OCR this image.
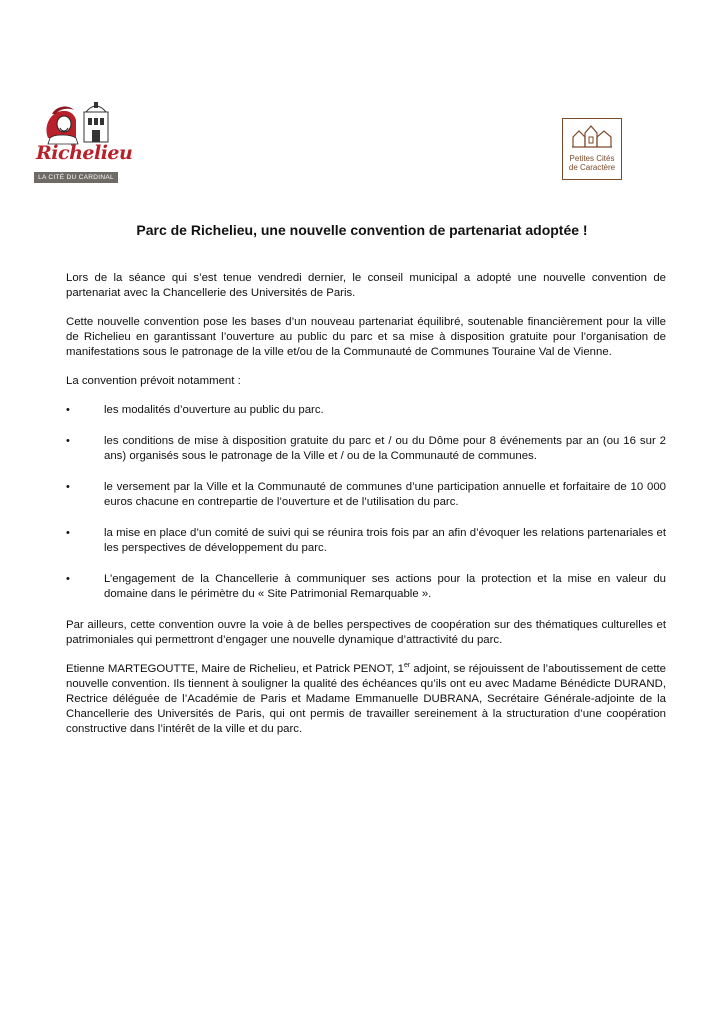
Richelieu
LA CITÉ DU CARDINAL
Petites Cités
de Caractère
Parc de Richelieu, une nouvelle convention de partenariat adoptée !

Lors de la séance qui s’est tenue vendredi dernier, le conseil municipal a adopté une nouvelle convention de partenariat avec la Chancellerie des Universités de Paris.

Cette nouvelle convention pose les bases d’un nouveau partenariat équilibré, soutenable financièrement pour la ville de Richelieu en garantissant l’ouverture au public du parc et sa mise à disposition gratuite pour l’organisation de manifestations sous le patronage de la ville et/ou de la Communauté de Communes Touraine Val de Vienne.

La convention prévoit notamment :

•	les modalités d’ouverture au public du parc.
•	les conditions de mise à disposition gratuite du parc et / ou du Dôme pour 8 événements par an (ou 16 sur 2 ans) organisés sous le patronage de la Ville et / ou de la Communauté de communes.
•	le versement par la Ville et la Communauté de communes d’une participation annuelle et forfaitaire de 10 000 euros chacune en contrepartie de l’ouverture et de l’utilisation du parc.
•	la mise en place d’un comité de suivi qui se réunira trois fois par an afin d’évoquer les relations partenariales et les perspectives de développement du parc.
•	L’engagement de la Chancellerie à communiquer ses actions pour la protection et la mise en valeur du domaine dans le périmètre du « Site Patrimonial Remarquable ».

Par ailleurs, cette convention ouvre la voie à de belles perspectives de coopération sur des thématiques culturelles et patrimoniales qui permettront d’engager une nouvelle dynamique d’attractivité du parc.

Etienne MARTEGOUTTE, Maire de Richelieu, et Patrick PENOT, 1er adjoint, se réjouissent de l’aboutissement de cette nouvelle convention. Ils tiennent à souligner la qualité des échéances qu’ils ont eu avec Madame Bénédicte DURAND, Rectrice déléguée de l’Académie de Paris et Madame Emmanuelle DUBRANA, Secrétaire Générale-adjointe de la Chancellerie des Universités de Paris, qui ont permis de travailler sereinement à la structuration d’une coopération constructive dans l’intérêt de la ville et du parc.
